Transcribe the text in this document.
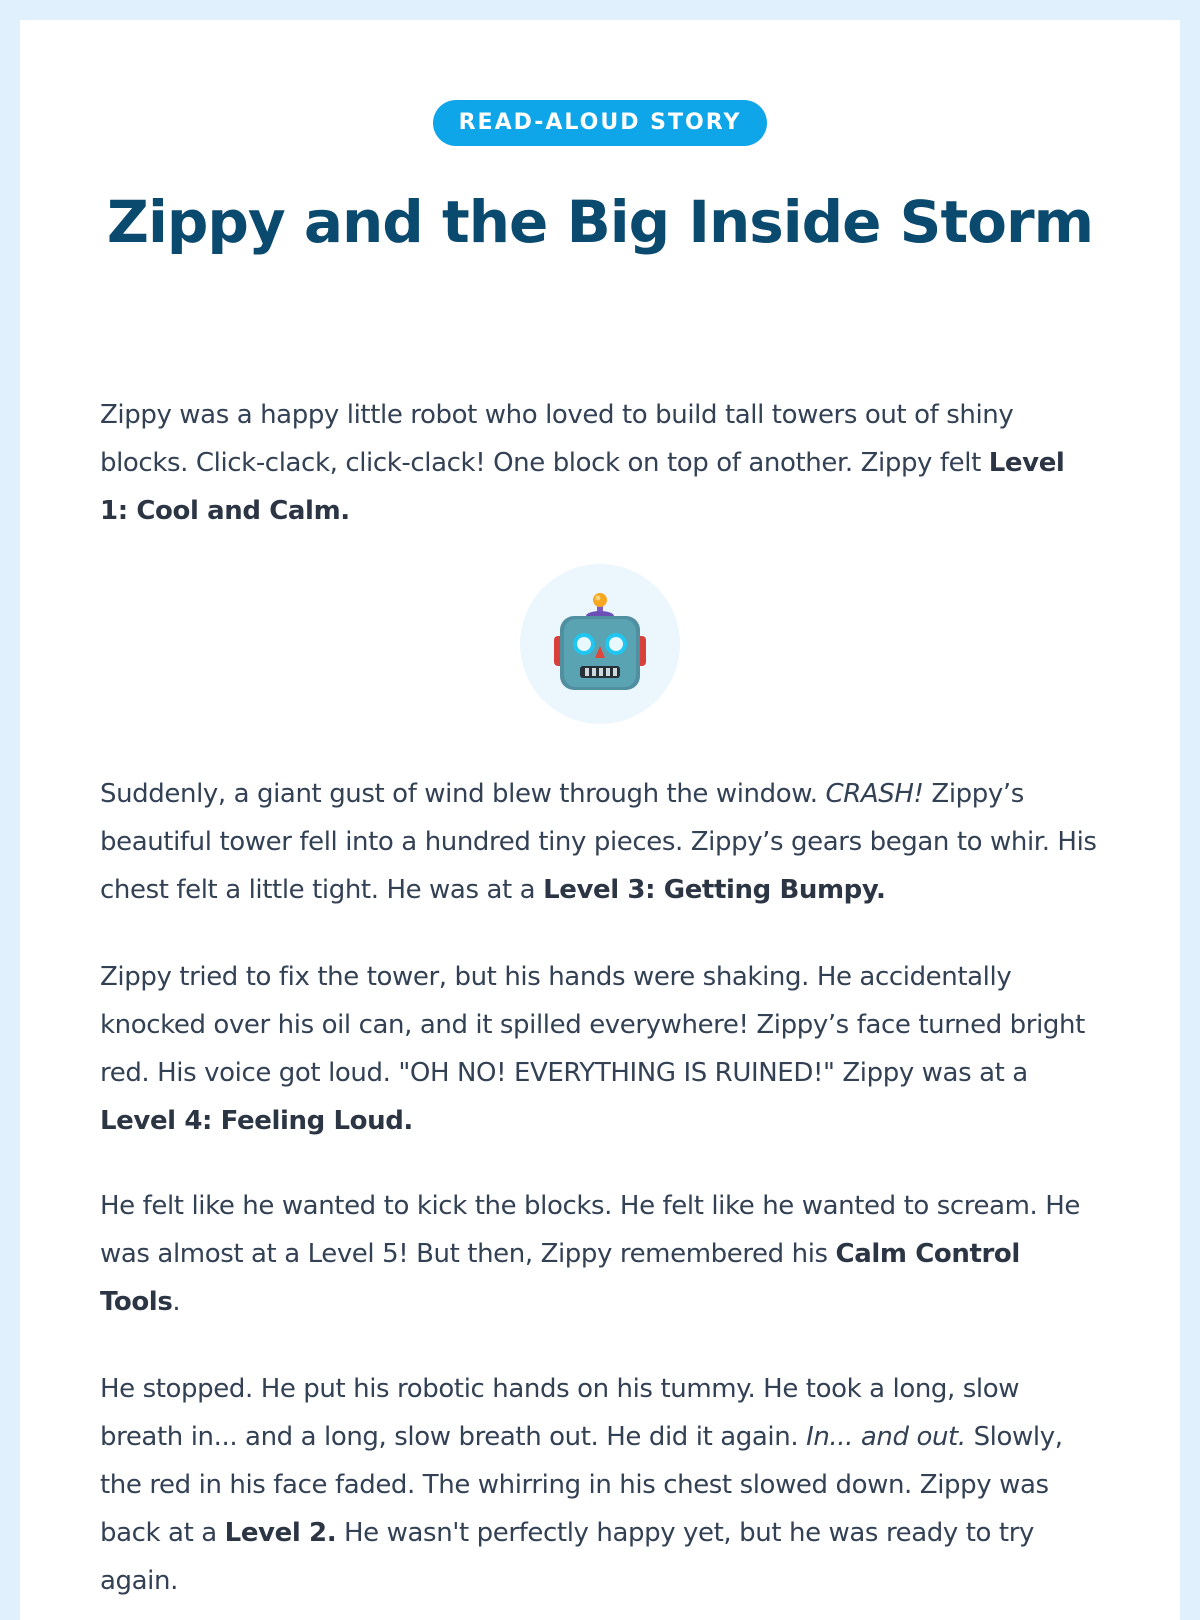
READ-ALOUD STORY
Zippy and the Big Inside Storm

Zippy was a happy little robot who loved to build tall towers out of shiny blocks. Click-clack, click-clack! One block on top of another. Zippy felt Level 1: Cool and Calm.

Suddenly, a giant gust of wind blew through the window. CRASH! Zippy’s beautiful tower fell into a hundred tiny pieces. Zippy’s gears began to whir. His chest felt a little tight. He was at a Level 3: Getting Bumpy.

Zippy tried to fix the tower, but his hands were shaking. He accidentally knocked over his oil can, and it spilled everywhere! Zippy’s face turned bright red. His voice got loud. "OH NO! EVERYTHING IS RUINED!" Zippy was at a Level 4: Feeling Loud.

He felt like he wanted to kick the blocks. He felt like he wanted to scream. He was almost at a Level 5! But then, Zippy remembered his Calm Control Tools.

He stopped. He put his robotic hands on his tummy. He took a long, slow breath in... and a long, slow breath out. He did it again. In... and out. Slowly, the red in his face faded. The whirring in his chest slowed down. Zippy was back at a Level 2. He wasn't perfectly happy yet, but he was ready to try again.
